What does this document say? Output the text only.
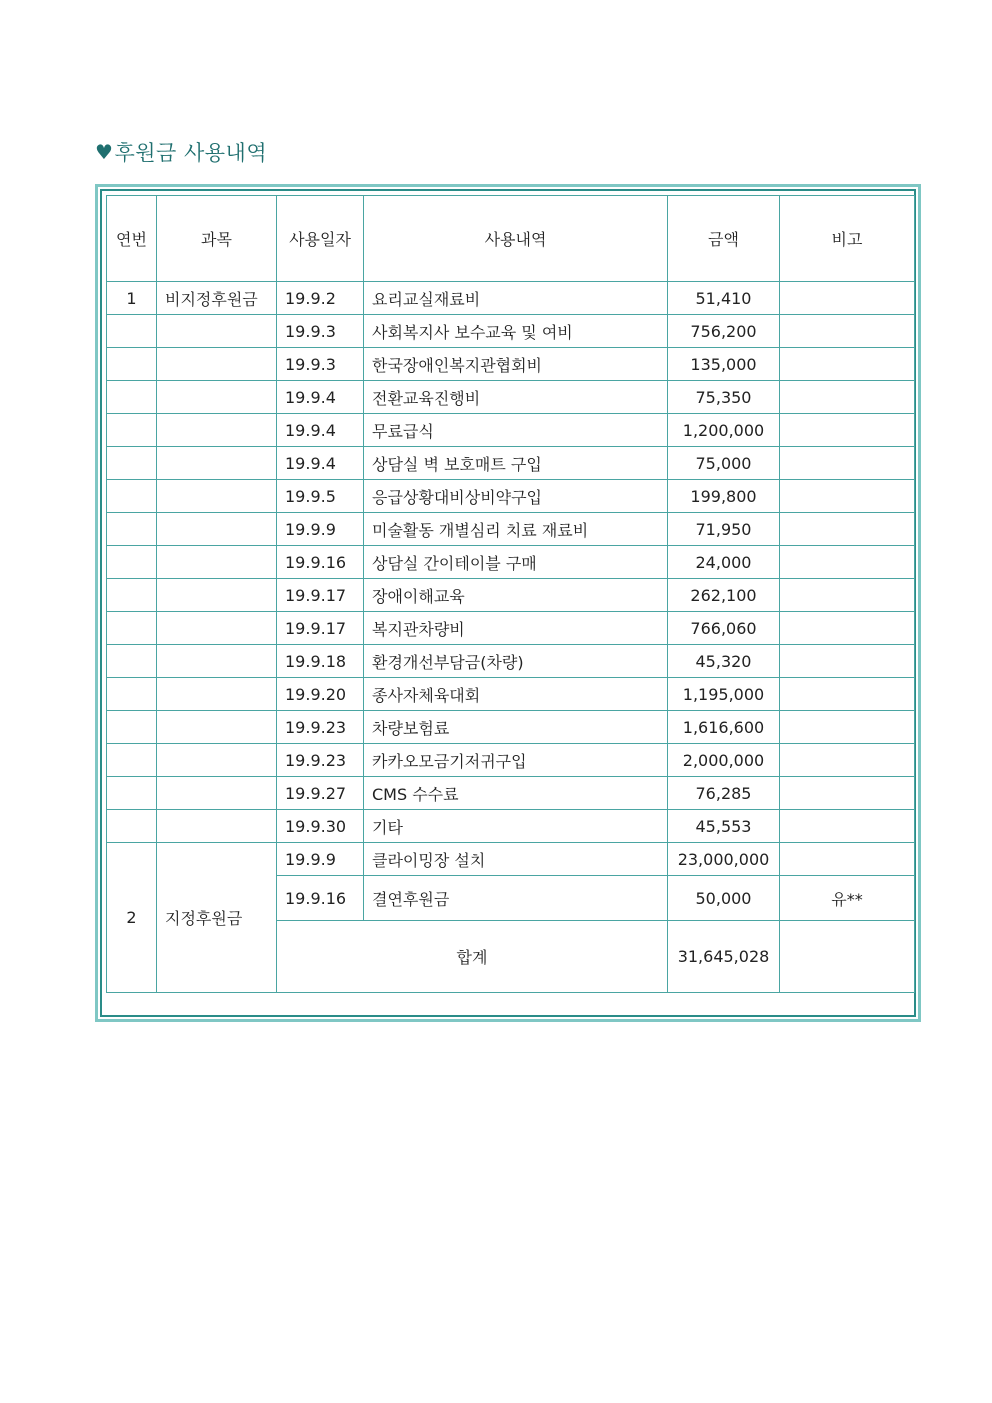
♥ 후원금 사용내역
연번	과목	사용일자	사용내역	금액	비고
1	비지정후원금	19.9.2	요리교실재료비	51,410	
		19.9.3	사회복지사 보수교육 및 여비	756,200	
		19.9.3	한국장애인복지관협회비	135,000	
		19.9.4	전환교육진행비	75,350	
		19.9.4	무료급식	1,200,000	
		19.9.4	상담실 벽 보호매트 구입	75,000	
		19.9.5	응급상황대비상비약구입	199,800	
		19.9.9	미술활동 개별심리 치료 재료비	71,950	
		19.9.16	상담실 간이테이블 구매	24,000	
		19.9.17	장애이해교육	262,100	
		19.9.17	복지관차량비	766,060	
		19.9.18	환경개선부담금(차량)	45,320	
		19.9.20	종사자체육대회	1,195,000	
		19.9.23	차량보험료	1,616,600	
		19.9.23	카카오모금기저귀구입	2,000,000	
		19.9.27	CMS 수수료	76,285	
		19.9.30	기타	45,553	
2	지정후원금	19.9.9	클라이밍장 설치	23,000,000	
		19.9.16	결연후원금	50,000	유**
		합계		31,645,028	
